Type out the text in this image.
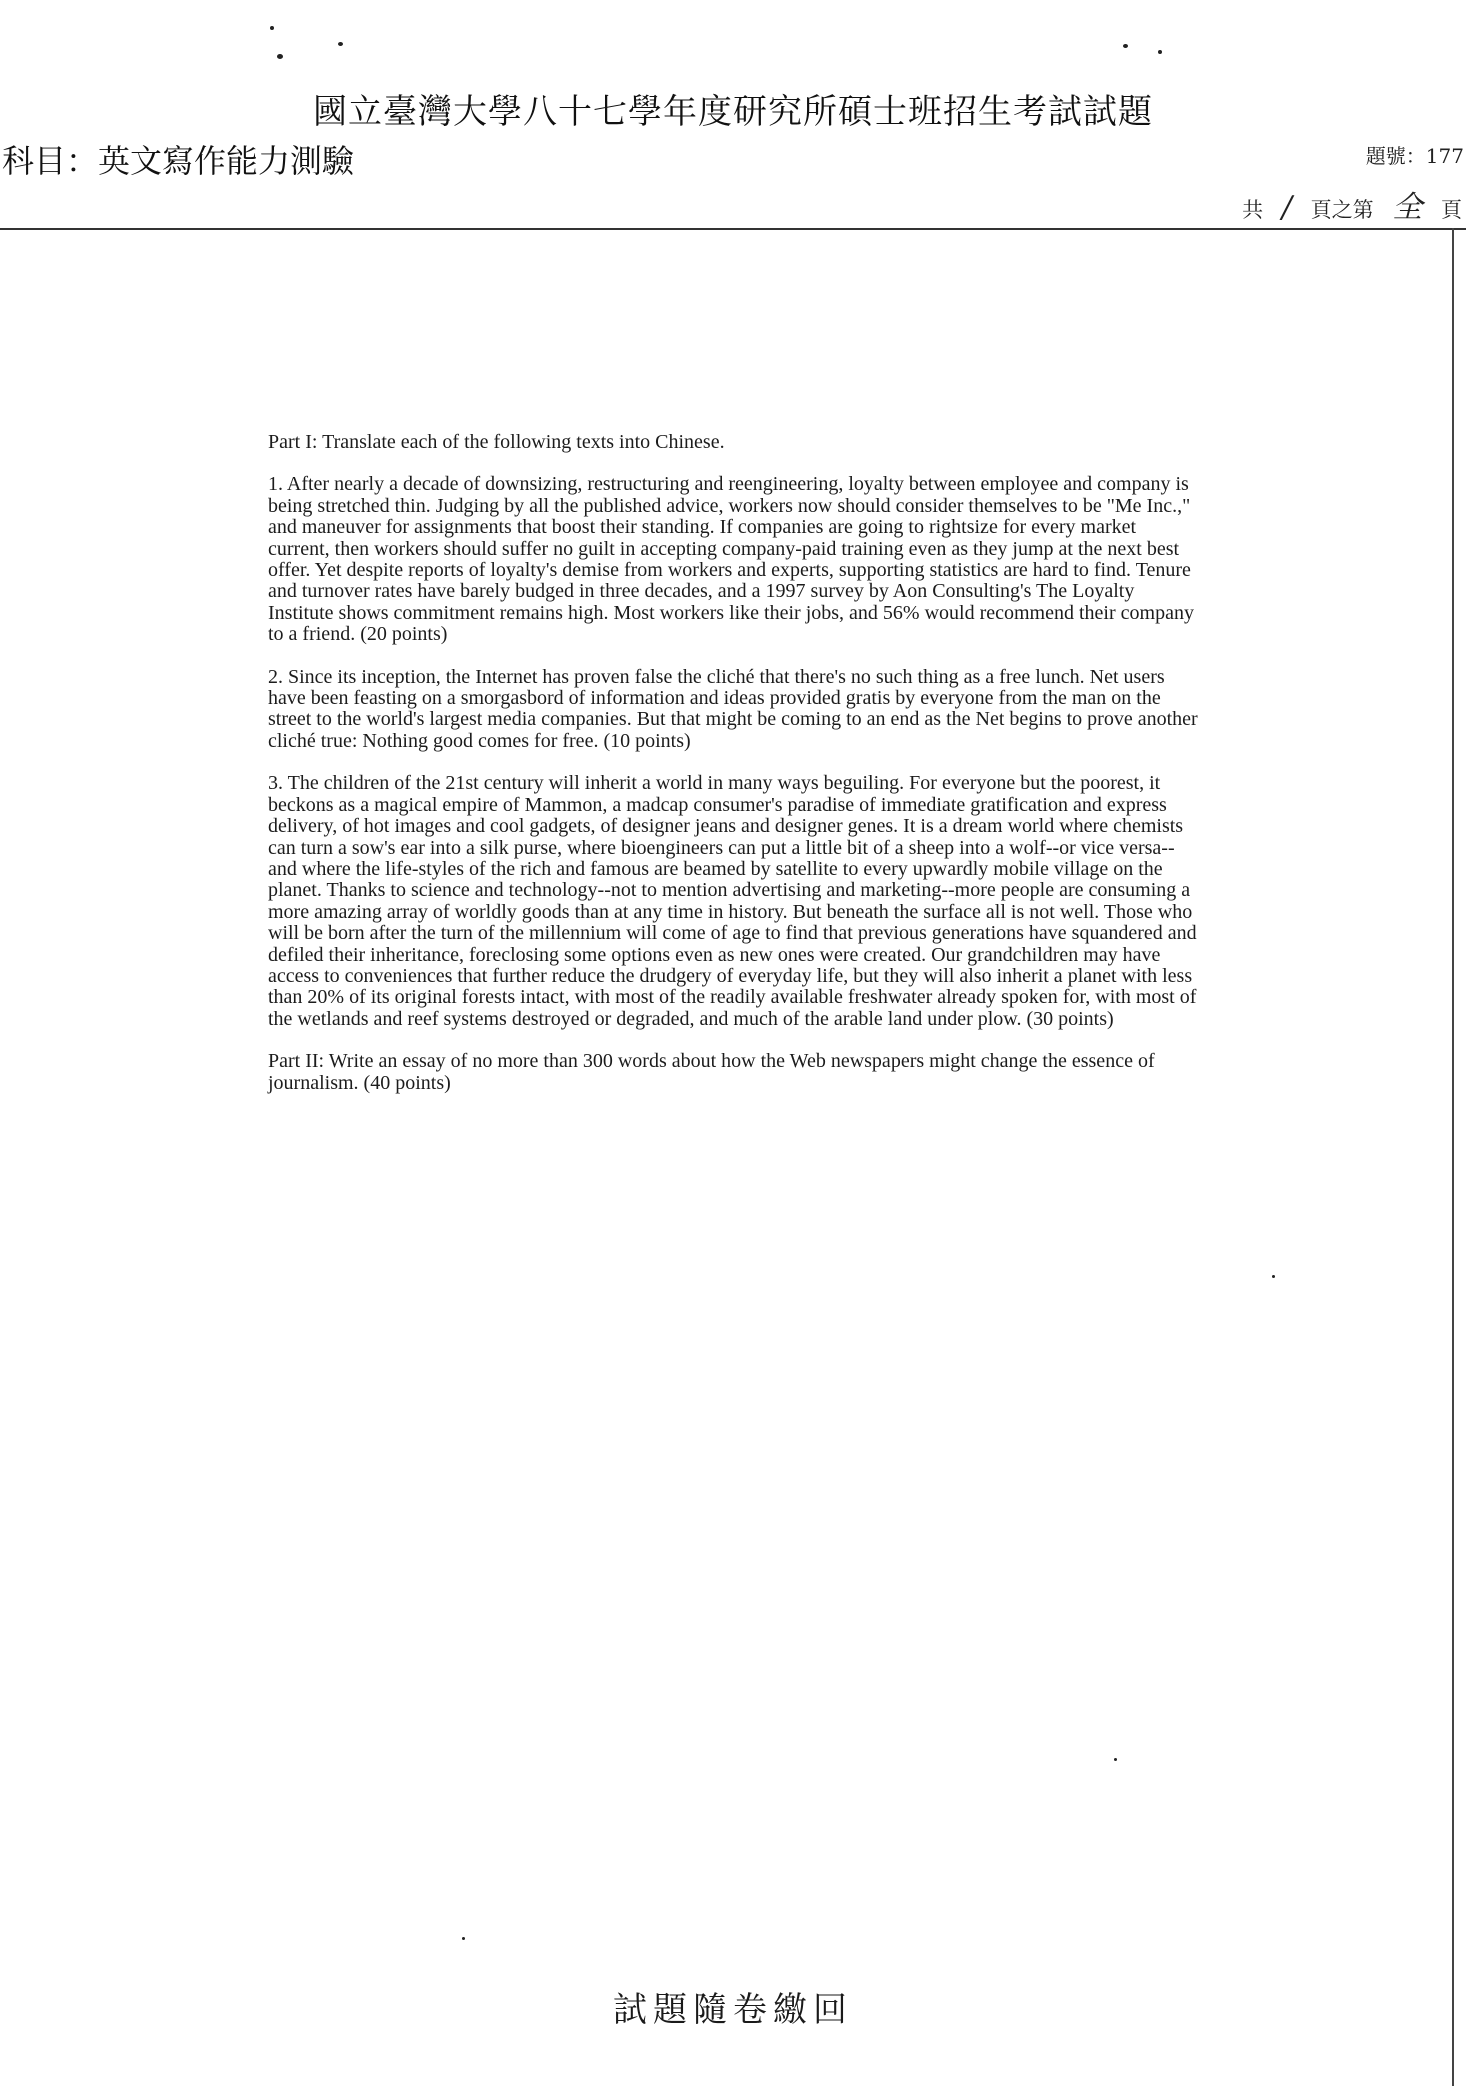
國立臺灣大學八十七學年度研究所碩士班招生考試試題
科目：英文寫作能力測驗	題號：177
共 / 頁之第 全 頁

Part I: Translate each of the following texts into Chinese.

1. After nearly a decade of downsizing, restructuring and reengineering, loyalty between employee and company is being stretched thin. Judging by all the published advice, workers now should consider themselves to be "Me Inc.," and maneuver for assignments that boost their standing. If companies are going to rightsize for every market current, then workers should suffer no guilt in accepting company-paid training even as they jump at the next best offer. Yet despite reports of loyalty's demise from workers and experts, supporting statistics are hard to find. Tenure and turnover rates have barely budged in three decades, and a 1997 survey by Aon Consulting's The Loyalty Institute shows commitment remains high. Most workers like their jobs, and 56% would recommend their company to a friend. (20 points)

2. Since its inception, the Internet has proven false the cliché that there's no such thing as a free lunch. Net users have been feasting on a smorgasbord of information and ideas provided gratis by everyone from the man on the street to the world's largest media companies. But that might be coming to an end as the Net begins to prove another cliché true: Nothing good comes for free. (10 points)

3. The children of the 21st century will inherit a world in many ways beguiling. For everyone but the poorest, it beckons as a magical empire of Mammon, a madcap consumer's paradise of immediate gratification and express delivery, of hot images and cool gadgets, of designer jeans and designer genes. It is a dream world where chemists can turn a sow's ear into a silk purse, where bioengineers can put a little bit of a sheep into a wolf--or vice versa--and where the life-styles of the rich and famous are beamed by satellite to every upwardly mobile village on the planet. Thanks to science and technology--not to mention advertising and marketing--more people are consuming a more amazing array of worldly goods than at any time in history. But beneath the surface all is not well. Those who will be born after the turn of the millennium will come of age to find that previous generations have squandered and defiled their inheritance, foreclosing some options even as new ones were created. Our grandchildren may have access to conveniences that further reduce the drudgery of everyday life, but they will also inherit a planet with less than 20% of its original forests intact, with most of the readily available freshwater already spoken for, with most of the wetlands and reef systems destroyed or degraded, and much of the arable land under plow. (30 points)

Part II: Write an essay of no more than 300 words about how the Web newspapers might change the essence of journalism. (40 points)

試題隨卷繳回
